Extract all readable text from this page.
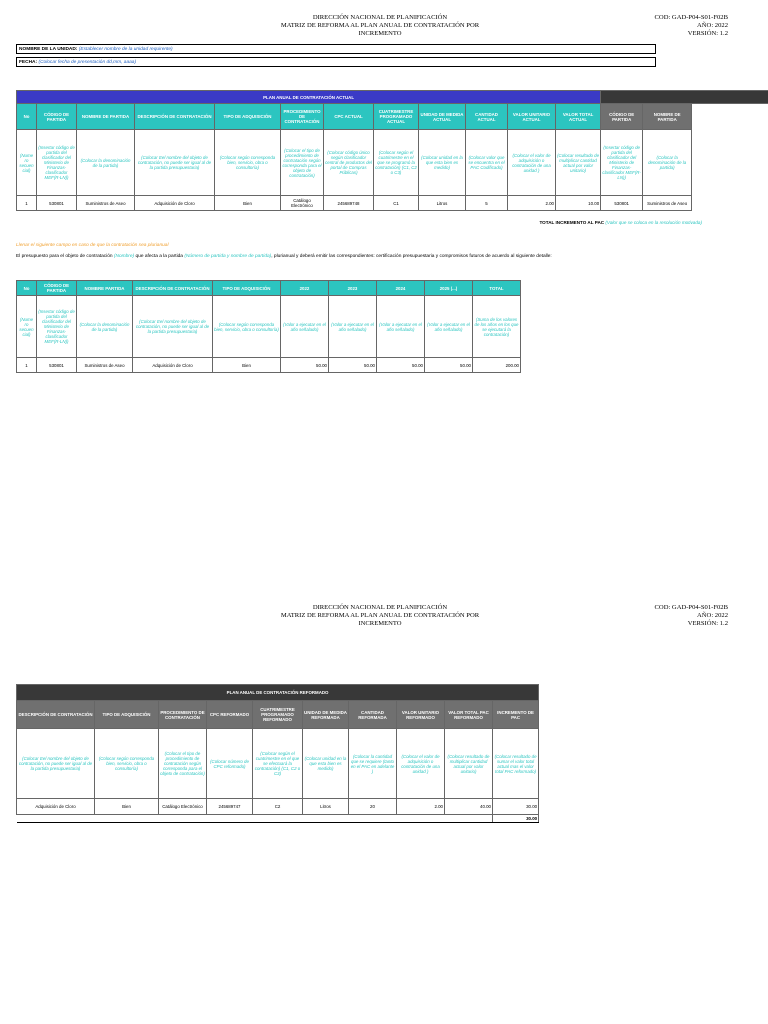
DIRECCIÓN NACIONAL DE PLANIFICACIÓN
MATRIZ DE REFORMA AL PLAN ANUAL DE CONTRATACIÓN POR
INCREMENTO
COD: GAD-P04-S01-F02B
AÑO: 2022
VERSIÓN: 1.2
NOMBRE DE LA UNIDAD: (Establecer nombre de la unidad requirente)
FECHA: (Colocar fecha de presentación dd,mm, aaaa)
PLAN ANUAL DE CONTRATACIÓN ACTUAL														
No	CÓDIGO DE PARTIDA	NOMBRE DE PARTIDA	DESCRIPCIÓN DE CONTRATACIÓN	TIPO DE ADQUISICIÓN	PROCEDIMIENTO DE CONTRATACIÓN	CPC ACTUAL	CUATRIMESTRE PROGRAMADO ACTUAL	UNIDAD DE MEDIDA ACTUAL	CANTIDAD ACTUAL	VALOR UNITARIO ACTUAL	VALOR TOTAL ACTUAL	CÓDIGO DE PARTIDA	NOMBRE DE PARTIDA	
(Nume ro secuen cial)	(Insertar código de partida del clasificador del Ministerio de Finanzas- clasificador MEF(R-LN))	(Colocar la denominación de la partida)	(Colocar Eel nombre del objeto de contratación, no puede ser igual al de la partida presupuestaria)	(Colocar según corresponda bien, servicio, obra o consultoría)	(Colocar el tipo de procedimiento de contratación según corresponda para el objeto de contratación)	(Colocar código único según clasificador central de productos del portal de Compras Públicas)	(Colocar según el cuatrimestre en el que se programó la contratación) (C1, C2 o C3)	(Colocar unidad en la que esta bien es medido)	(Colocar valor que se encuentra en el PAC Codificado)	(Colocar el valor de adquisición o contratación de una unidad )	(Colocar resultado de multiplicar cantidad actual por valor unitario)	(Insertar código de partida del clasificador del Ministerio de Finanzas- clasificador MEF(R-LN))	(Colocar la denominación de la partida)	
1	530801	Suministros de Aseo	Adquisición de Cloro	Bien	Catálogo Electrónico	245689748	C1	Litros	5	2.00	10.00	530801	Suministros de Aseo	
TOTAL INCREMENTO AL PAC (Valor que se coloca en la resolución motivada)
Llenar el siguiente campo en caso de que la contratación sea plurianual
El presupuesto para el objeto de contratación (Nombre) que afecta a la partida (Número de partida y nombre de partida), plurianual y deberá emitir las correspondientes: certificación presupuestaria y compromisos futuros de acuerdo al siguiente detalle:
No	CÓDIGO DE PARTIDA	NOMBRE PARTIDA	DESCRIPCIÓN DE CONTRATACIÓN	TIPO DE ADQUISICIÓN	2022	2023	2024	2025 (...)	TOTAL
(Nume ro secuen cial)	(Insertar código de partida del clasificador del Ministerio de Finanzas- clasificador MEF(R-LN))	(Colocar la denominación de la partida)	(Colocar Eel nombre del objeto de contratación, no puede ser igual al de la partida presupuestaria)	(Colocar según corresponda bien, servicio, obra o consultoría)	(Valor a ejecutar en el año señalado)	(Valor a ejecutar en el año señalado)	(Valor a ejecutar en el año señalado)	(Valor a ejecutar en el año señalado)	(Suma de los valores de los años en los que se ejecutará la contratación)
1	530801	Suministros de Aseo	Adquisición de Cloro	Bien	50.00	50.00	50.00	50.00	200.00
DIRECCIÓN NACIONAL DE PLANIFICACIÓN
MATRIZ DE REFORMA AL PLAN ANUAL DE CONTRATACIÓN POR
INCREMENTO
COD: GAD-P04-S01-F02B
AÑO: 2022
VERSIÓN: 1.2
PLAN ANUAL DE CONTRATACIÓN REFORMADO									
DESCRIPCIÓN DE CONTRATACIÓN	TIPO DE ADQUISICIÓN	PROCEDIMIENTO DE CONTRATACIÓN	CPC REFORMADO	CUATRIMESTRE PROGRAMADO REFORMADO	UNIDAD DE MEDIDA REFORMADA	CANTIDAD REFORMADA	VALOR UNITARIO REFORMADO	VALOR TOTAL PAC REFORMADO	INCREMENTO DE PAC
(Colocar Eel nombre del objeto de contratación, no puede ser igual al de la partida presupuestaria)	(Colocar según corresponda bien, servicio, obra o consultoría)	(Colocar el tipo de procedimiento de contratación según corresponda para el objeto de contratación)	(Colocar número de CPC reformado)	(Colocar según el cuatrimestre en el que se efectuará la contratación) (C1, C2 o C3)	(Colocar unidad en la que esta bien es medido)	(Colocar la cantidad que se requiere (tanto en el PAC en adelante )	(Colocar el valor de adquisición o contratación de una unidad )	(Colocar resultado de multiplicar cantidad actual por valor unitario)	(Colocar resultado de sumar el valor total actual mas el valor total PAC reformado)
Adquisición de Cloro	Bien	Catálogo Electrónico	245689747	C2	Litros	20	2.00	40.00	30.00
									30.00
